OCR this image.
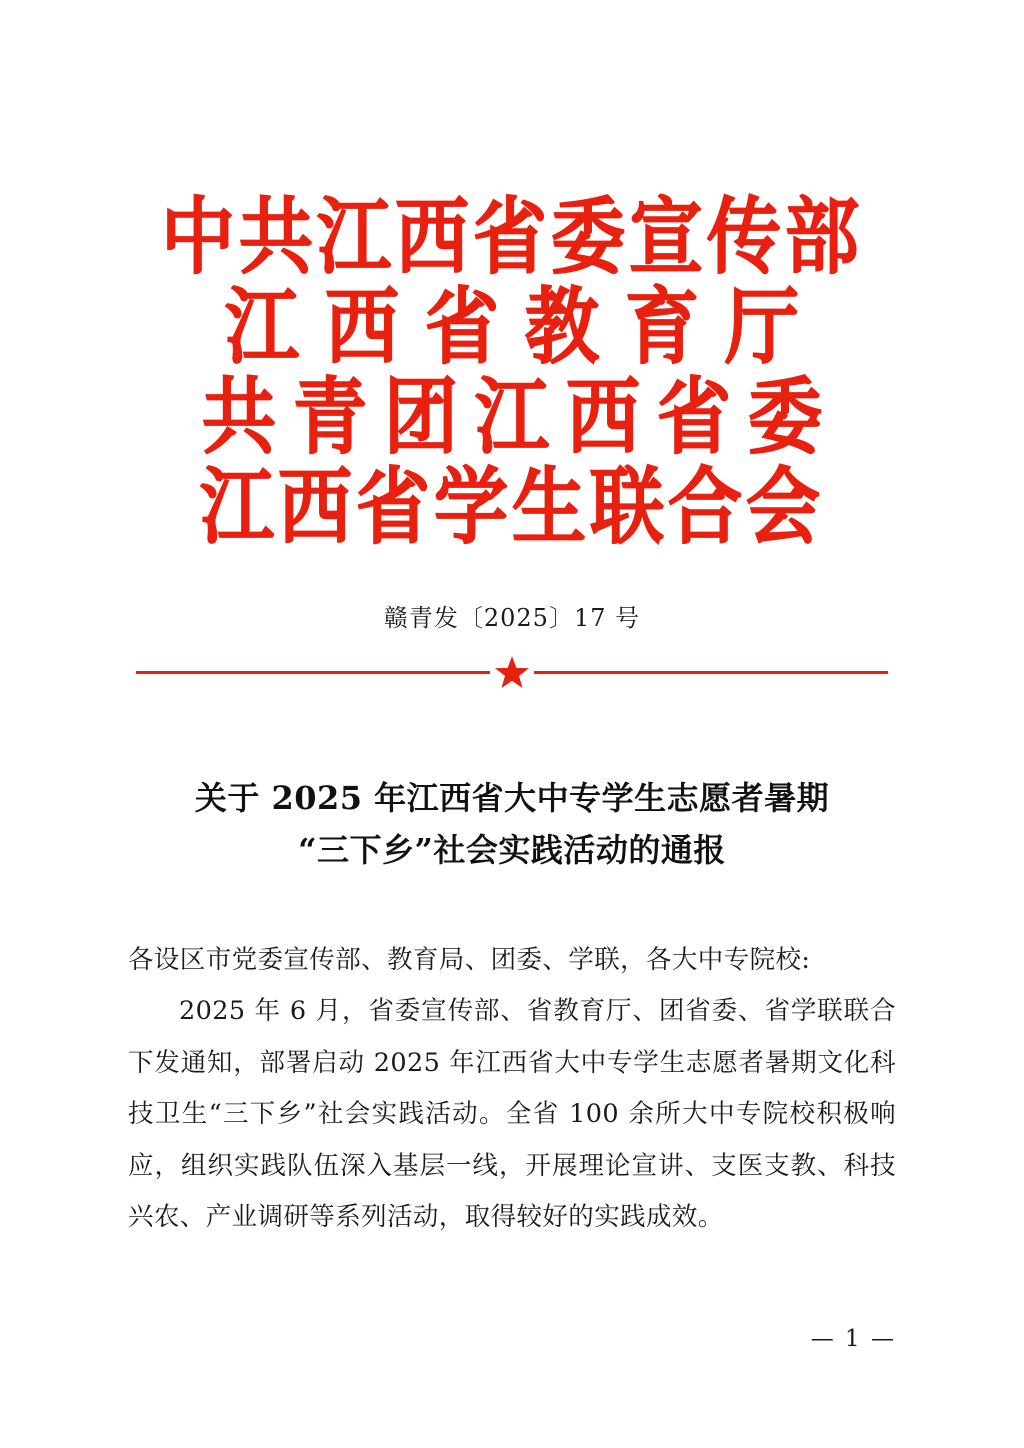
中共江西省委宣传部
江西省教育厅
共青团江西省委
江西省学生联合会
赣青发〔2025〕17 号
关于 2025 年江西省大中专学生志愿者暑期
“三下乡”社会实践活动的通报

各设区市党委宣传部、教育局、团委、学联，各大中专院校:

2025 年 6 月，省委宣传部、省教育厅、团省委、省学联联合下发通知，部署启动 2025 年江西省大中专学生志愿者暑期文化科技卫生“三下乡”社会实践活动。全省 100 余所大中专院校积极响应，组织实践队伍深入基层一线，开展理论宣讲、支医支教、科技兴农、产业调研等系列活动，取得较好的实践成效。

— 1 —
